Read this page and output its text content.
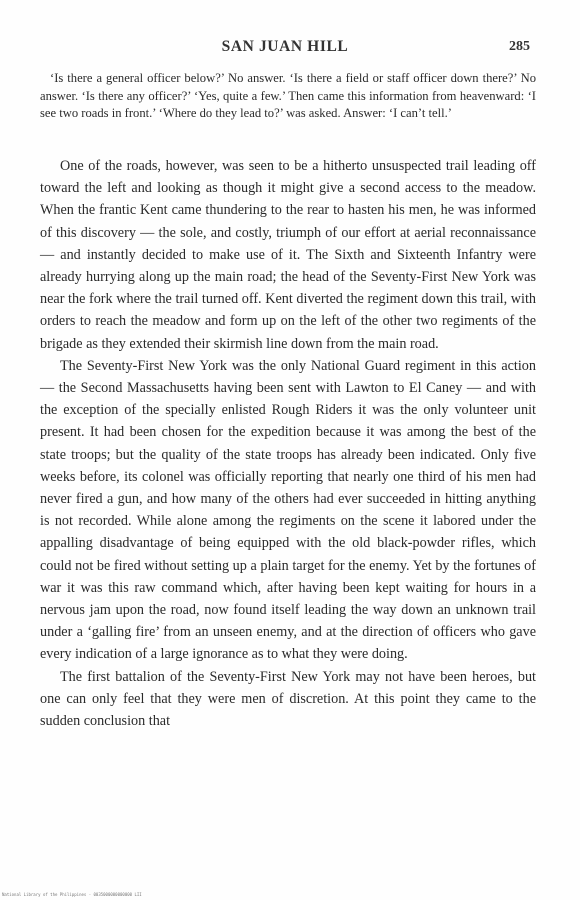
SAN JUAN HILL	285

‘Is there a general officer below?’ No answer. ‘Is there a field or staff officer down there?’ No answer. ‘Is there any officer?’ ‘Yes, quite a few.’ Then came this information from heavenward: ‘I see two roads in front.’ ‘Where do they lead to?’ was asked. Answer: ‘I can’t tell.’

One of the roads, however, was seen to be a hitherto unsuspected trail leading off toward the left and looking as though it might give a second access to the meadow. When the frantic Kent came thundering to the rear to hasten his men, he was informed of this discovery — the sole, and costly, triumph of our effort at aerial reconnaissance — and instantly decided to make use of it. The Sixth and Sixteenth Infantry were already hurrying along up the main road; the head of the Seventy-First New York was near the fork where the trail turned off. Kent diverted the regiment down this trail, with orders to reach the meadow and form up on the left of the other two regiments of the brigade as they extended their skirmish line down from the main road.

The Seventy-First New York was the only National Guard regiment in this action — the Second Massachusetts having been sent with Lawton to El Caney — and with the exception of the specially enlisted Rough Riders it was the only volunteer unit present. It had been chosen for the expedition because it was among the best of the state troops; but the quality of the state troops has already been indicated. Only five weeks before, its colonel was officially reporting that nearly one third of his men had never fired a gun, and how many of the others had ever succeeded in hitting anything is not recorded. While alone among the regiments on the scene it labored under the appalling disadvantage of being equipped with the old black-powder rifles, which could not be fired without setting up a plain target for the enemy. Yet by the fortunes of war it was this raw command which, after having been kept waiting for hours in a nervous jam upon the road, now found itself leading the way down an unknown trail under a ‘galling fire’ from an unseen enemy, and at the direction of officers who gave every indication of a large ignorance as to what they were doing.

The first battalion of the Seventy-First New York may not have been heroes, but one can only feel that they were men of discretion. At this point they came to the sudden conclusion that

National Library of the Philippines · 0035000000000000 LII
